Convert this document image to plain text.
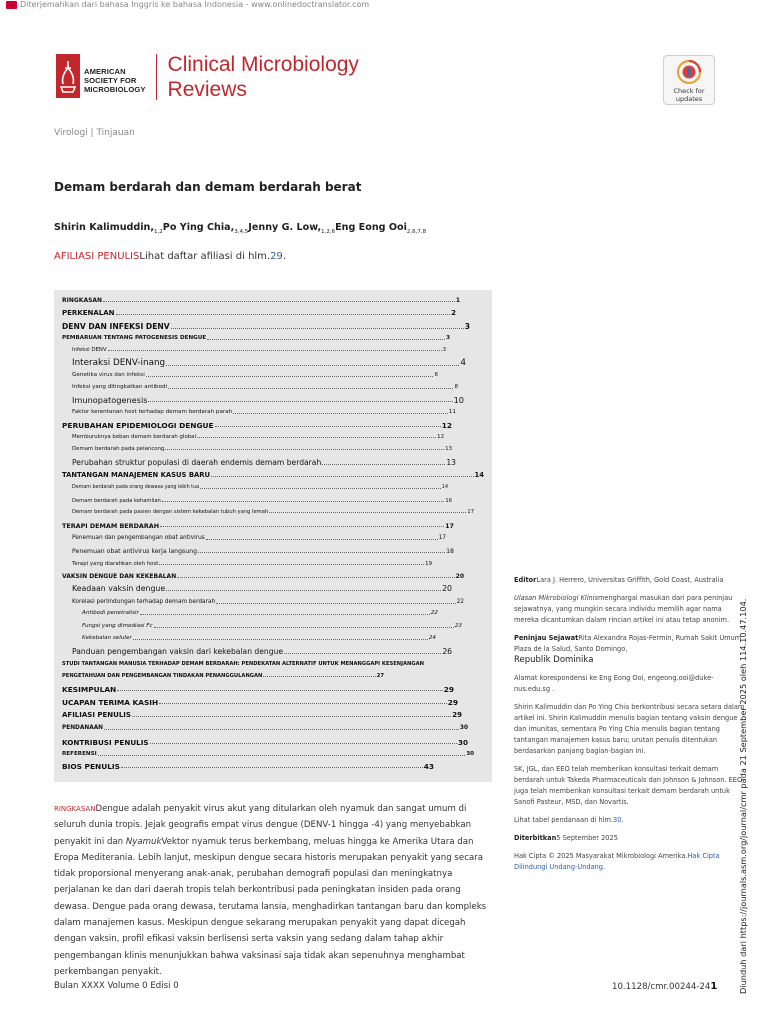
Diterjemahkan dari bahasa Inggris ke bahasa Indonesia - www.onlinedoctranslator.com
AMERICAN
SOCIETY FOR
MICROBIOLOGY
Clinical Microbiology
Reviews	Check for
updates
Virologi | Tinjauan
Demam berdarah dan demam berdarah berat
Shirin $Kalimuddin,_{1,2}Po$ Ying $Chia,_{3,4,5}Jenny$ G. $Low,_{1,2,6}Eng$ Eong Ooi$_{2,6,7,8}$
AFILIASI PENULISLihat daftar afiliasi di hlm.29.
RINGKASAN	1
PERKENALAN	2
DENV DAN INFEKSI DENV	3
PEMBARUAN TENTANG PATOGENESIS DENGUE	3
Infeksi DENV	3
Interaksi DENV-inang	4
Genetika virus dan infeksi	6
Infeksi yang ditingkatkan antibodi	8
Imunopatogenesis	10
Faktor kerentanan host terhadap demam berdarah parah	11
PERUBAHAN EPIDEMIOLOGI DENGUE	12
Memburuknya beban demam berdarah global	12
Demam berdarah pada pelancong	13
Perubahan struktur populasi di daerah endemis demam berdarah	13
TANTANGAN MANAJEMEN KASUS BARU	14
Demam berdarah pada orang dewasa yang lebih tua	14
Demam berdarah pada kehamilan	16
Demam berdarah pada pasien dengan sistem kekebalan tubuh yang lemah	17
TERAPI DEMAM BERDARAH	17
Penemuan dan pengembangan obat antivirus	17
Penemuan obat antivirus kerja langsung	18
Terapi yang diarahkan oleh host	19
VAKSIN DENGUE DAN KEKEBALAN	20
Keadaan vaksin dengue	20
Korelasi perlindungan terhadap demam berdarah	22
Antibodi penetralisir	22
Fungsi yang dimediasi Fc	23
Kekebalan seluler	24
Panduan pengembangan vaksin dari kekebalan dengue	26
STUDI TANTANGAN MANUSIA TERHADAP DEMAM BERDARAH: PENDEKATAN ALTERNATIF UNTUK MENANGGAPI KESENJANGAN
PENGETAHUAN DAN PENGEMBANGAN TINDAKAN PENANGGULANGAN	27
KESIMPULAN	29
UCAPAN TERIMA KASIH	29
AFILIASI PENULIS	29
PENDANAAN	30
KONTRIBUSI PENULIS	30
REFERENSI	30
BIOS PENULIS	43

EditorLara J. Herrero, Universitas Griffith, Gold Coast, Australia

Ulasan Mikrobiologi Klinismenghargai masukan dari para peninjau sejawatnya, yang mungkin secara individu memilih agar nama mereka dicantumkan dalam rincian artikel ini atau tetap anonim.

Peninjau SejawatRita Alexandra Rojas-Fermin, Rumah Sakit Umum Plaza de la Salud, Santo Domingo,
Republik Dominika

Alamat korespondensi ke Eng Eong Ooi, engeong.ooi@duke-nus.edu.sg .

Shirin Kalimuddin dan Po Ying Chia berkontribusi secara setara dalam artikel ini. Shirin Kalimuddin menulis bagian tentang vaksin dengue dan imunitas, sementara Po Ying Chia menulis bagian tentang tantangan manajemen kasus baru; urutan penulis ditentukan berdasarkan panjang bagian-bagian ini.

SK, JGL, dan EEO telah memberikan konsultasi terkait demam berdarah untuk Takeda Pharmaceuticals dan Johnson & Johnson. EEO juga telah memberikan konsultasi terkait demam berdarah untuk Sanofi Pasteur, MSD, dan Novartis.

Lihat tabel pendanaan di hlm.30.

Diterbitkan5 September 2025

Hak Cipta © 2025 Masyarakat Mikrobiologi Amerika.Hak Cipta Dilindungi Undang-Undang.

RINGKASANDengue adalah penyakit virus akut yang ditularkan oleh nyamuk dan sangat umum di seluruh dunia tropis. Jejak geografis empat virus dengue (DENV-1 hingga -4) yang menyebabkan penyakit ini dan NyamukVektor nyamuk terus berkembang, meluas hingga ke Amerika Utara dan Eropa Mediterania. Lebih lanjut, meskipun dengue secara historis merupakan penyakit yang secara tidak proporsional menyerang anak-anak, perubahan demografi populasi dan meningkatnya perjalanan ke dan dari daerah tropis telah berkontribusi pada peningkatan insiden pada orang dewasa. Dengue pada orang dewasa, terutama lansia, menghadirkan tantangan baru dan kompleks dalam manajemen kasus. Meskipun dengue sekarang merupakan penyakit yang dapat dicegah dengan vaksin, profil efikasi vaksin berlisensi serta vaksin yang sedang dalam tahap akhir pengembangan klinis menunjukkan bahwa vaksinasi saja tidak akan sepenuhnya menghambat perkembangan penyakit.	Diunduh dari https://journals.asm.org/journal/cmr pada 21 September 2025 oleh 114.10.47.104.
Bulan XXXX Volume 0 Edisi 0	10.1128/cmr.00244-241
